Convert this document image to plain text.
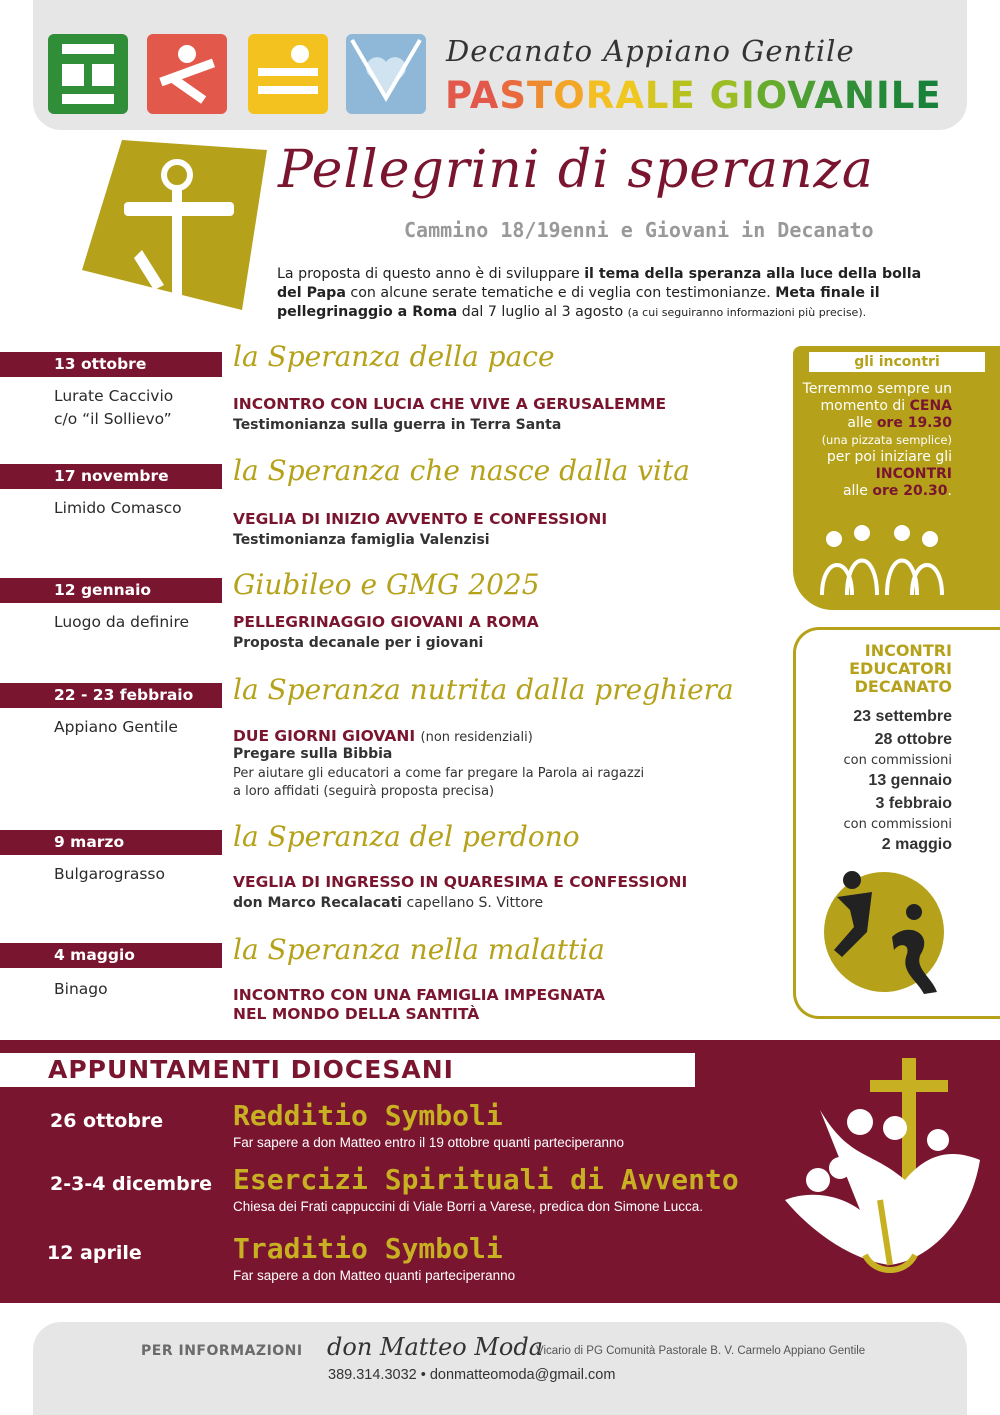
Decanato Appiano Gentile
PASTORALE GIOVANILE
Pellegrini di speranza
Cammino 18/19enni e Giovani in Decanato
La proposta di questo anno è di sviluppare il tema della speranza alla luce della bolla del Papa con alcune serate tematiche e di veglia con testimonianze. Meta finale il pellegrinaggio a Roma dal 7 luglio al 3 agosto (a cui seguiranno informazioni più precise).
13 ottobre
Lurate Caccivio
c/o “il Sollievo”
la Speranza della pace
INCONTRO CON LUCIA CHE VIVE A GERUSALEMME
Testimonianza sulla guerra in Terra Santa
17 novembre
Limido Comasco
la Speranza che nasce dalla vita
VEGLIA DI INIZIO AVVENTO E CONFESSIONI
Testimonianza famiglia Valenzisi
12 gennaio
Luogo da definire
Giubileo e GMG 2025
PELLEGRINAGGIO GIOVANI A ROMA
Proposta decanale per i giovani
22 - 23 febbraio
Appiano Gentile
la Speranza nutrita dalla preghiera
DUE GIORNI GIOVANI (non residenziali)
Pregare sulla Bibbia
Per aiutare gli educatori a come far pregare la Parola ai ragazzi a loro affidati (seguirà proposta precisa)
9 marzo
Bulgarograsso
la Speranza del perdono
VEGLIA DI INGRESSO IN QUARESIMA E CONFESSIONI
don Marco Recalacati capellano S. Vittore
4 maggio
Binago
la Speranza nella malattia
INCONTRO CON UNA FAMIGLIA IMPEGNATA
NEL MONDO DELLA SANTITÀ
gli incontri
Terremmo sempre un momento di CENA
alle ore 19.30
(una pizzata semplice)
per poi iniziare gli INCONTRI
alle ore 20.30.
INCONTRI
EDUCATORI
DECANATO
23 settembre
28 ottobre
con commissioni
13 gennaio
3 febbraio
con commissioni
2 maggio
APPUNTAMENTI DIOCESANI
26 ottobre Redditio Symboli
Far sapere a don Matteo entro il 19 ottobre quanti parteciperanno
2-3-4 dicembre Esercizi Spirituali di Avvento
Chiesa dei Frati cappuccini di Viale Borri a Varese, predica don Simone Lucca.
12 aprile	Traditio Symboli
Far sapere a don Matteo quanti parteciperanno
PER INFORMAZIONI don Matteo Moda
Vicario di PG Comunità Pastorale B. V. Carmelo Appiano Gentile
389.314.3032 • donmatteomoda@gmail.com
